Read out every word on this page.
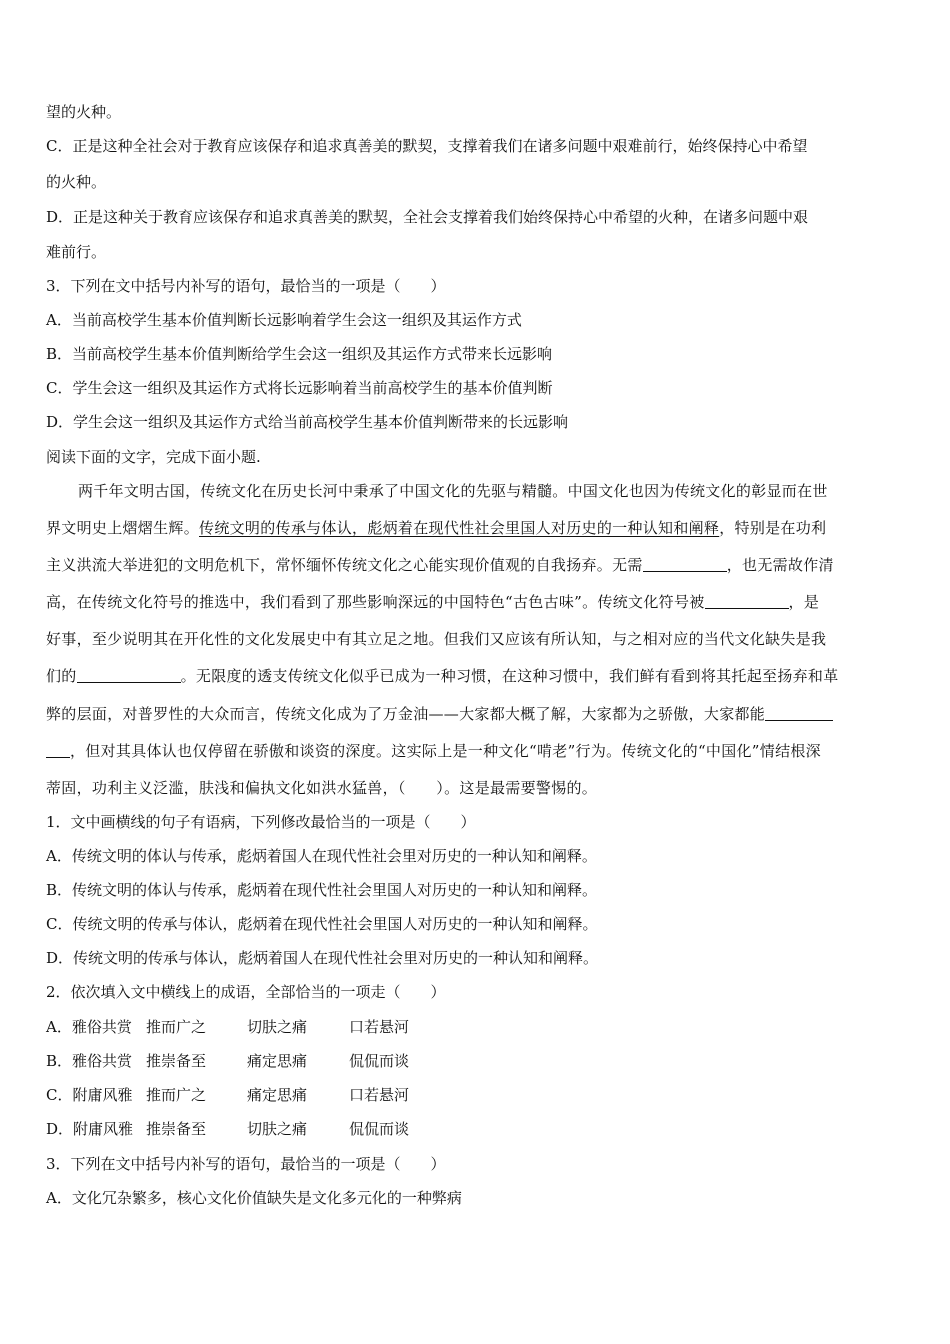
望的火种。
C．正是这种全社会对于教育应该保存和追求真善美的默契，支撑着我们在诸多问题中艰难前行，始终保持心中希望
的火种。
D．正是这种关于教育应该保存和追求真善美的默契，全社会支撑着我们始终保持心中希望的火种，在诸多问题中艰
难前行。
3．下列在文中括号内补写的语句，最恰当的一项是（　　）
A．当前高校学生基本价值判断长远影响着学生会这一组织及其运作方式
B．当前高校学生基本价值判断给学生会这一组织及其运作方式带来长远影响
C．学生会这一组织及其运作方式将长远影响着当前高校学生的基本价值判断
D．学生会这一组织及其运作方式给当前高校学生基本价值判断带来的长远影响
阅读下面的文字，完成下面小题.
两千年文明古国，传统文化在历史长河中秉承了中国文化的先驱与精髓。中国文化也因为传统文化的彰显而在世
界文明史上熠熠生辉。传统文明的传承与体认，彪炳着在现代性社会里国人对历史的一种认知和阐释，特别是在功利
主义洪流大举进犯的文明危机下，常怀缅怀传统文化之心能实现价值观的自我扬弃。无需	，也无需故作清
高，在传统文化符号的推选中，我们看到了那些影响深远的中国特色“古色古味”。传统文化符号被	，是
好事，至少说明其在开化性的文化发展史中有其立足之地。但我们又应该有所认知，与之相对应的当代文化缺失是我
们的	。无限度的透支传统文化似乎已成为一种习惯，在这种习惯中，我们鲜有看到将其托起至扬弃和革
弊的层面，对普罗性的大众而言，传统文化成为了万金油——大家都大概了解，大家都为之骄傲，大家都能
，但对其具体认也仅停留在骄傲和谈资的深度。这实际上是一种文化“啃老”行为。传统文化的“中国化”情结根深
蒂固，功利主义泛滥，肤浅和偏执文化如洪水猛兽，（　　）。这是最需要警惕的。
1．文中画横线的句子有语病，下列修改最恰当的一项是（　　）
A．传统文明的体认与传承，彪炳着国人在现代性社会里对历史的一种认知和阐释。
B．传统文明的体认与传承，彪炳着在现代性社会里国人对历史的一种认知和阐释。
C．传统文明的传承与体认，彪炳着在现代性社会里国人对历史的一种认知和阐释。
D．传统文明的传承与体认，彪炳着国人在现代性社会里对历史的一种认知和阐释。
2．依次填入文中横线上的成语，全部恰当的一项走（　　）
A．雅俗共赏 推而广之	切肤之痛	口若悬河
B．雅俗共赏 推崇备至	痛定思痛	侃侃而谈
C．附庸风雅 推而广之	痛定思痛	口若悬河
D．附庸风雅 推崇备至	切肤之痛	侃侃而谈
3．下列在文中括号内补写的语句，最恰当的一项是（　　）
A．文化冗杂繁多，核心文化价值缺失是文化多元化的一种弊病
